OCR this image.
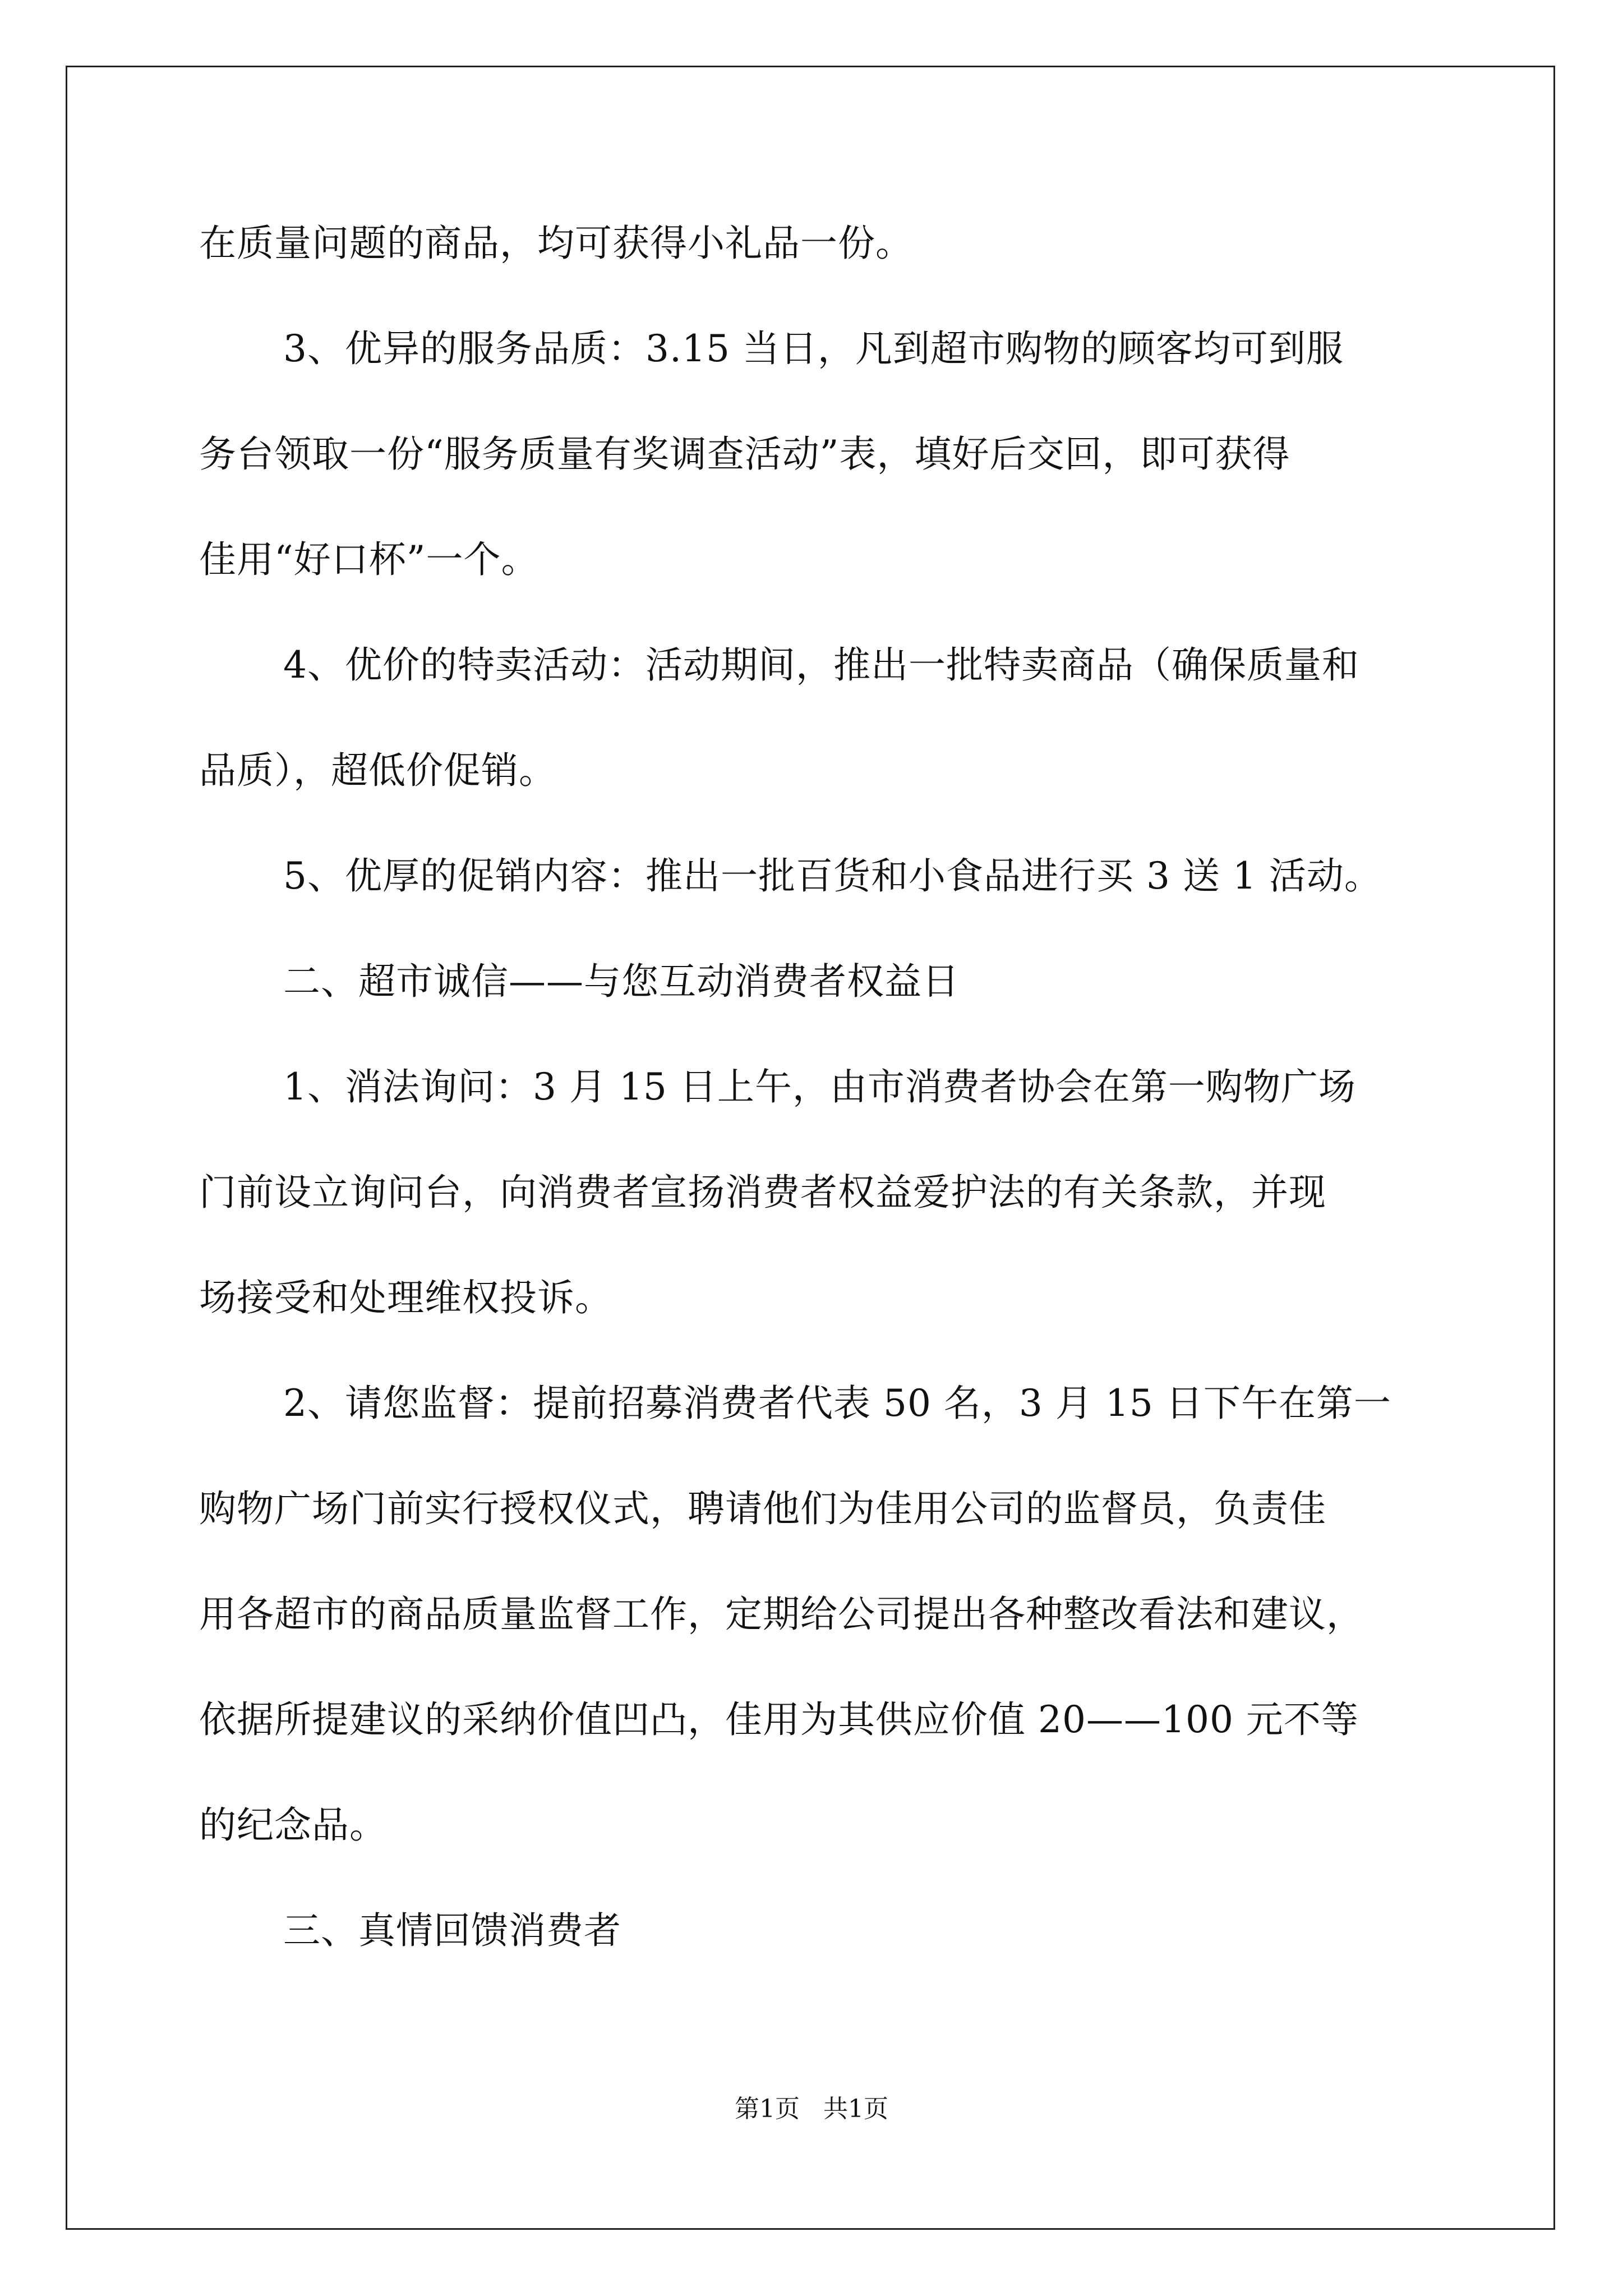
在质量问题的商品，均可获得小礼品一份。

3、优异的服务品质：3.15 当日，凡到超市购物的顾客均可到服

务台领取一份“服务质量有奖调查活动”表，填好后交回，即可获得

佳用“好口杯”一个。

4、优价的特卖活动：活动期间，推出一批特卖商品（确保质量和

品质），超低价促销。

5、优厚的促销内容：推出一批百货和小食品进行买 3 送 1 活动。

二、超市诚信——与您互动消费者权益日

1、消法询问：3 月 15 日上午，由市消费者协会在第一购物广场

门前设立询问台，向消费者宣扬消费者权益爱护法的有关条款，并现

场接受和处理维权投诉。

2、请您监督：提前招募消费者代表 50 名，3 月 15 日下午在第一

购物广场门前实行授权仪式，聘请他们为佳用公司的监督员，负责佳

用各超市的商品质量监督工作，定期给公司提出各种整改看法和建议，

依据所提建议的采纳价值凹凸，佳用为其供应价值 20——100 元不等

的纪念品。

三、真情回馈消费者

第1页   共1页
